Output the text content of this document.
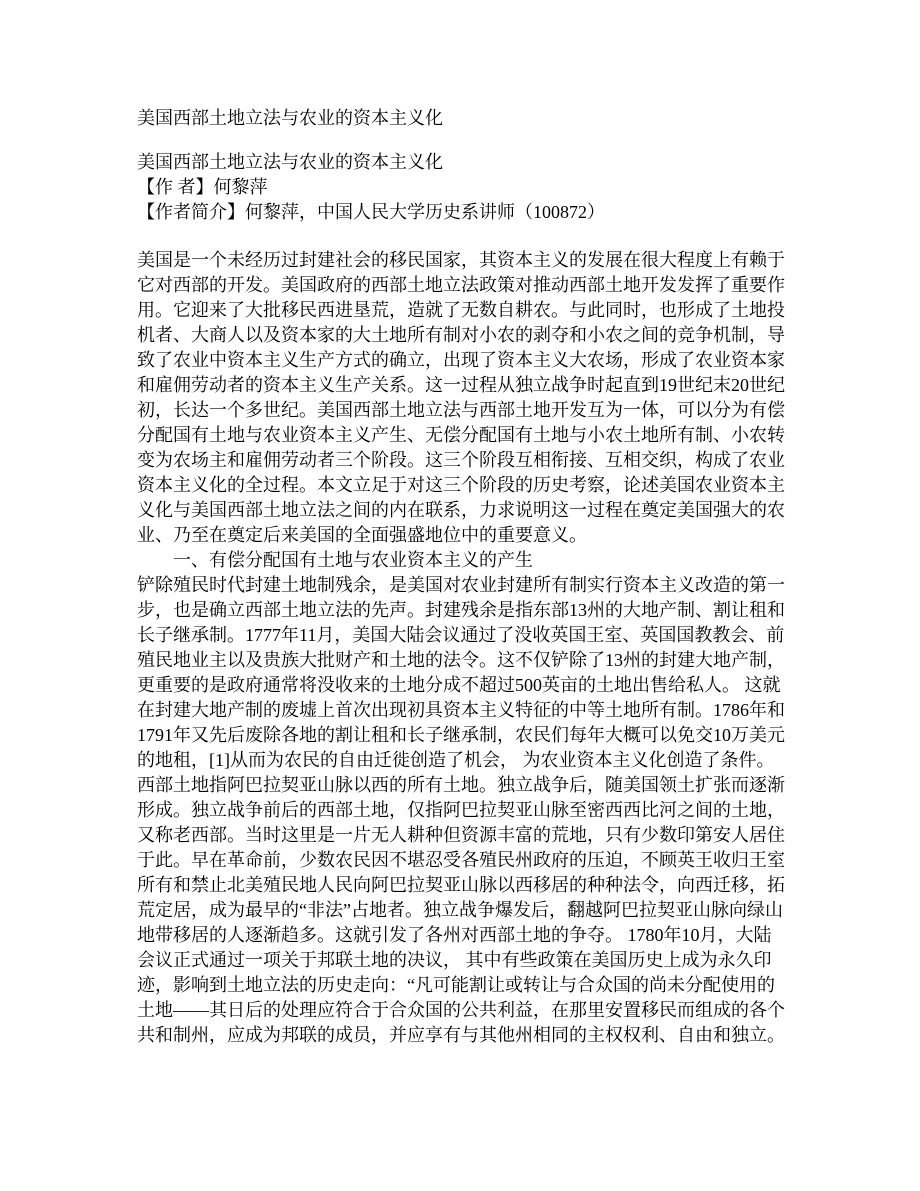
美国西部土地立法与农业的资本主义化
美国西部土地立法与农业的资本主义化
【作 者】何黎萍
【作者简介】何黎萍，中国人民大学历史系讲师（100872）
美国是一个未经历过封建社会的移民国家，其资本主义的发展在很大程度上有赖于
它对西部的开发。美国政府的西部土地立法政策对推动西部土地开发发挥了重要作
用。它迎来了大批移民西进垦荒，造就了无数自耕农。与此同时，也形成了土地投
机者、大商人以及资本家的大土地所有制对小农的剥夺和小农之间的竞争机制，导
致了农业中资本主义生产方式的确立，出现了资本主义大农场，形成了农业资本家
和雇佣劳动者的资本主义生产关系。这一过程从独立战争时起直到19世纪末20世纪
初，长达一个多世纪。美国西部土地立法与西部土地开发互为一体，可以分为有偿
分配国有土地与农业资本主义产生、无偿分配国有土地与小农土地所有制、小农转
变为农场主和雇佣劳动者三个阶段。这三个阶段互相衔接、互相交织，构成了农业
资本主义化的全过程。本文立足于对这三个阶段的历史考察，论述美国农业资本主
义化与美国西部土地立法之间的内在联系，力求说明这一过程在奠定美国强大的农
业、乃至在奠定后来美国的全面强盛地位中的重要意义。
一、有偿分配国有土地与农业资本主义的产生
铲除殖民时代封建土地制残余，是美国对农业封建所有制实行资本主义改造的第一
步，也是确立西部土地立法的先声。封建残余是指东部13州的大地产制、割让租和
长子继承制。1777年11月，美国大陆会议通过了没收英国王室、英国国教教会、前
殖民地业主以及贵族大批财产和土地的法令。这不仅铲除了13州的封建大地产制，
更重要的是政府通常将没收来的土地分成不超过500英亩的土地出售给私人。 这就
在封建大地产制的废墟上首次出现初具资本主义特征的中等土地所有制。1786年和
1791年又先后废除各地的割让租和长子继承制，农民们每年大概可以免交10万美元
的地租，[1]从而为农民的自由迁徙创造了机会， 为农业资本主义化创造了条件。
西部土地指阿巴拉契亚山脉以西的所有土地。独立战争后，随美国领土扩张而逐渐
形成。独立战争前后的西部土地，仅指阿巴拉契亚山脉至密西西比河之间的土地，
又称老西部。当时这里是一片无人耕种但资源丰富的荒地，只有少数印第安人居住
于此。早在革命前，少数农民因不堪忍受各殖民州政府的压迫，不顾英王收归王室
所有和禁止北美殖民地人民向阿巴拉契亚山脉以西移居的种种法令，向西迁移，拓
荒定居，成为最早的“非法”占地者。独立战争爆发后，翻越阿巴拉契亚山脉向绿山
地带移居的人逐渐趋多。这就引发了各州对西部土地的争夺。 1780年10月，大陆
会议正式通过一项关于邦联土地的决议， 其中有些政策在美国历史上成为永久印
迹，影响到土地立法的历史走向：“凡可能割让或转让与合众国的尚未分配使用的
土地——其日后的处理应符合于合众国的公共利益，在那里安置移民而组成的各个
共和制州，应成为邦联的成员，并应享有与其他州相同的主权权利、自由和独立。
